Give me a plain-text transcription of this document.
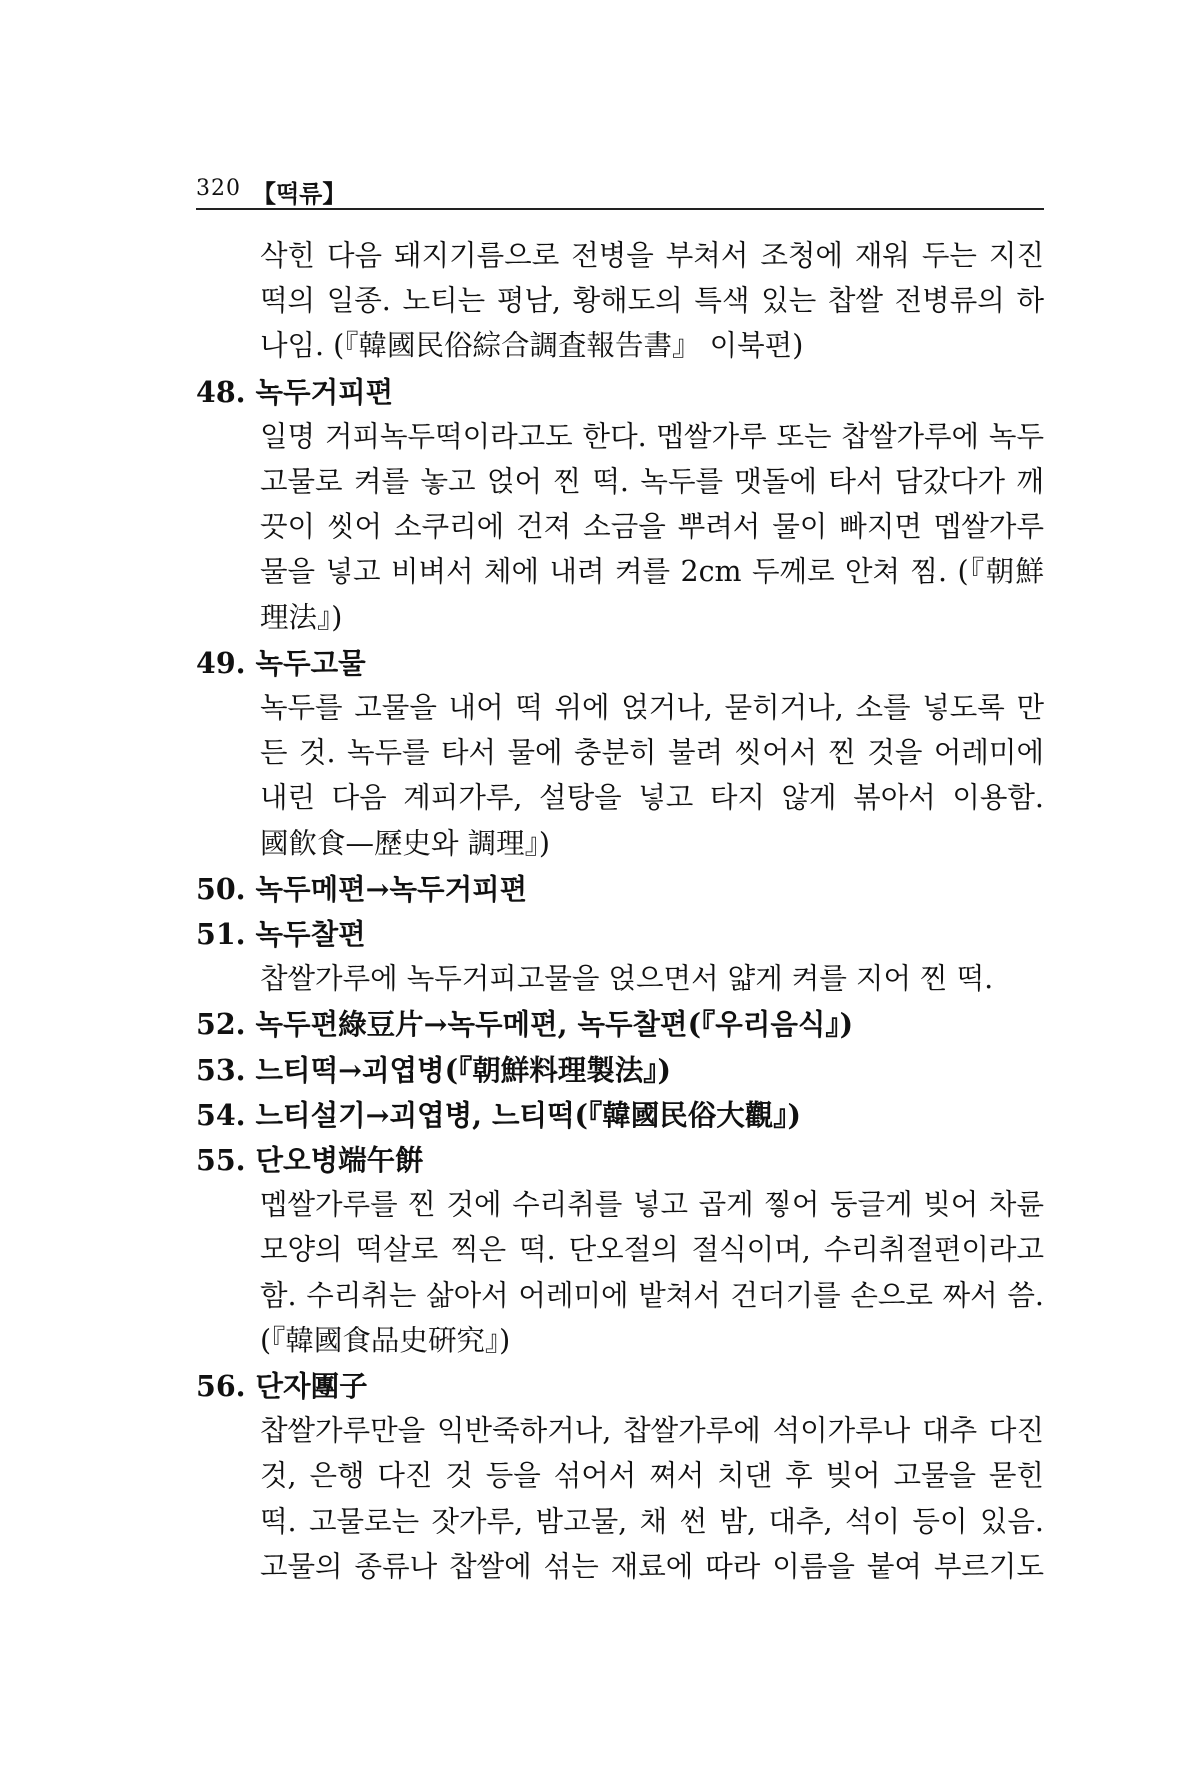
320 【떡류】
삭힌 다음 돼지기름으로 전병을 부쳐서 조청에 재워 두는 지진
떡의 일종. 노티는 평남, 황해도의 특색 있는 찹쌀 전병류의 하
나임. (『韓國民俗綜合調査報告書』 이북편)
48. 녹두거피편
일명 거피녹두떡이라고도 한다. 멥쌀가루 또는 찹쌀가루에 녹두
고물로 켜를 놓고 얹어 찐 떡. 녹두를 맷돌에 타서 담갔다가 깨
끗이 씻어 소쿠리에 건져 소금을 뿌려서 물이 빠지면 멥쌀가루
물을 넣고 비벼서 체에 내려 켜를 2cm 두께로 안쳐 찜. (『朝鮮
理法』)
49. 녹두고물
녹두를 고물을 내어 떡 위에 얹거나, 묻히거나, 소를 넣도록 만
든 것. 녹두를 타서 물에 충분히 불려 씻어서 찐 것을 어레미에
내린 다음 계피가루, 설탕을 넣고 타지 않게 볶아서 이용함.
國飮食—歷史와 調理』)
50. 녹두메편→녹두거피편
51. 녹두찰편
찹쌀가루에 녹두거피고물을 얹으면서 얇게 켜를 지어 찐 떡.
52. 녹두편綠豆片→녹두메편, 녹두찰편(『우리음식』)
53. 느티떡→괴엽병(『朝鮮料理製法』)
54. 느티설기→괴엽병, 느티떡(『韓國民俗大觀』)
55. 단오병端午餠
멥쌀가루를 찐 것에 수리취를 넣고 곱게 찧어 둥글게 빚어 차륜
모양의 떡살로 찍은 떡. 단오절의 절식이며, 수리취절편이라고
함. 수리취는 삶아서 어레미에 밭쳐서 건더기를 손으로 짜서 씀.
(『韓國食品史硏究』)
56. 단자團子
찹쌀가루만을 익반죽하거나, 찹쌀가루에 석이가루나 대추 다진
것, 은행 다진 것 등을 섞어서 쪄서 치댄 후 빚어 고물을 묻힌
떡. 고물로는 잣가루, 밤고물, 채 썬 밤, 대추, 석이 등이 있음.
고물의 종류나 찹쌀에 섞는 재료에 따라 이름을 붙여 부르기도
